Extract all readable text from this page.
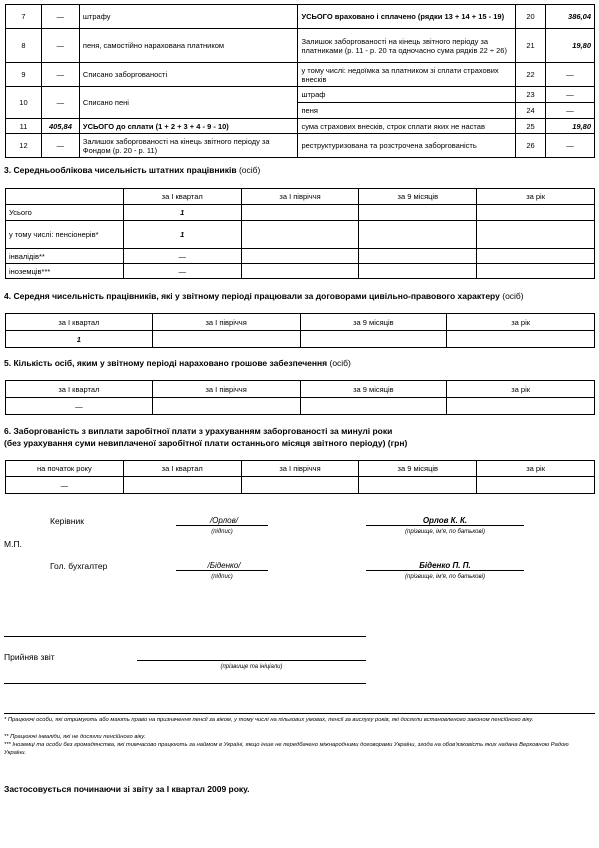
7	—	штрафу	УСЬОГО враховано і сплачено (рядки 13 + 14 + 15 - 19)	20	386,04
8	—	пеня, самостійно нарахована платником	Залишок заборгованості на кінець звітного періоду за платниками (р. 11 - р. 20 та одночасно сума рядків 22 ÷ 26)	21	19,80
9	—	Списано заборгованості	у тому числі: недоїмка за платником зі сплати страхових внесків	22	—
10	—	Списано пені	штраф	23	—
			пеня	24	—
11	405,84	УСЬОГО до сплати (1 + 2 + 3 + 4 - 9 - 10)	сума страхових внесків, строк сплати яких не настав	25	19,80
12	—	Залишок заборгованості на кінець звітного періоду за Фондом (р. 20 - р. 11)	реструктуризована та розстрочена заборгованість	26	—
3. Середньооблікова чисельність штатних працівників (осіб)
	за І квартал	за І півріччя	за 9 місяців	за рік
Усього	1			
у тому числі: пенсіонерів*	1			
інвалідів**	—			
іноземців***	—			
4. Середня чисельність працівників, які у звітному періоді працювали за договорами цивільно-правового характеру (осіб)
за І квартал	за І півріччя	за 9 місяців	за рік
1			
5. Кількість осіб, яким у звітному періоді нараховано грошове забезпечення (осіб)
за І квартал	за І півріччя	за 9 місяців	за рік
—			
6. Заборгованість з виплати заробітної плати з урахуванням заборгованості за минулі роки
(без урахування суми невиплаченої заробітної плати останнього місяця звітного періоду) (грн)
на початок року	за І квартал	за І півріччя	за 9 місяців	за рік
—				
Керівник	/Орлов/
(підпис)
Орлов К. К.
(прізвище, ім'я, по батькові)
М.П.
Гол. бухгалтер	/Біденко/
(підпис)
Біденко П. П.
(прізвище, ім'я, по батькові)
Прийняв звіт
(прізвище та ініціали)
* Працюючі особи, які отримують або мають право на призначення пенсії за віком, у тому числі на пільгових умовах, пенсії за вислугу років, які досягли встановленого законом пенсійного віку.
** Працюючі інваліди, які не досягли пенсійного віку.
*** Іноземці та особи без громадянства, які тимчасово працюють за наймом в Україні, якщо інше не передбачено міжнародними договорами України, згода на обов'язковість яких надана Верховною Радою України.
Застосовується починаючи зі звіту за І квартал 2009 року.
